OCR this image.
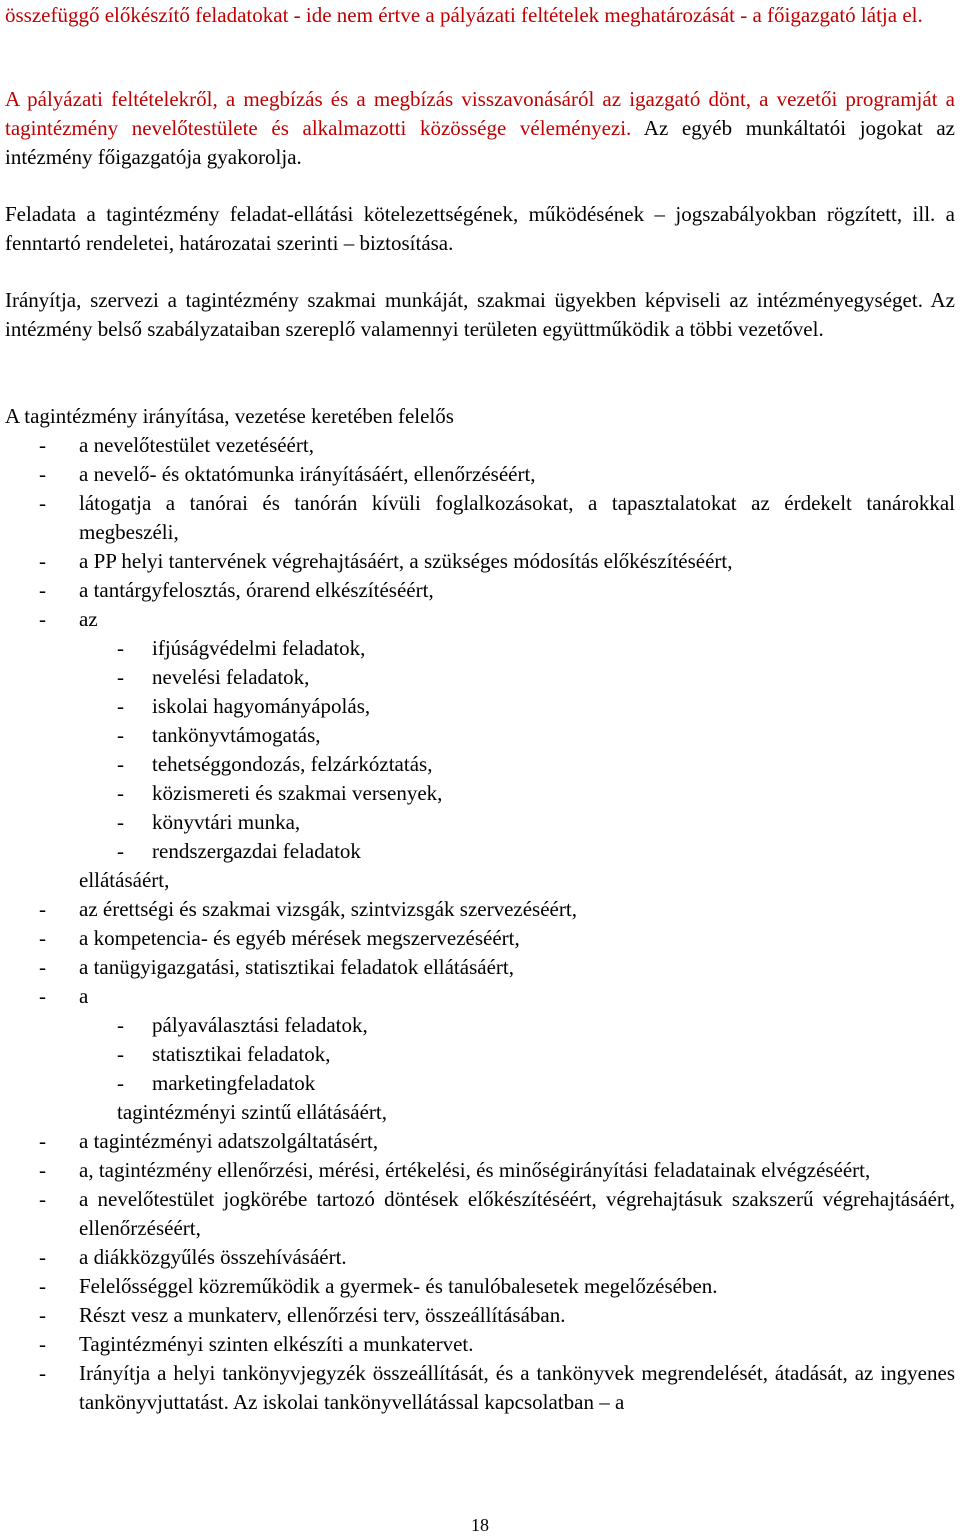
összefüggő előkészítő feladatokat - ide nem értve a pályázati feltételek meghatározását - a főigazgató látja el.

A pályázati feltételekről, a megbízás és a megbízás visszavonásáról az igazgató dönt, a vezetői programját a tagintézmény nevelőtestülete és alkalmazotti közössége véleményezi. Az egyéb munkáltatói jogokat az intézmény főigazgatója gyakorolja.

Feladata a tagintézmény feladat-ellátási kötelezettségének, működésének – jogszabályokban rögzített, ill. a fenntartó rendeletei, határozatai szerinti – biztosítása.

Irányítja, szervezi a tagintézmény szakmai munkáját, szakmai ügyekben képviseli az intézményegységet. Az intézmény belső szabályzataiban szereplő valamennyi területen együttműködik a többi vezetővel.

A tagintézmény irányítása, vezetése keretében felelős
- a nevelőtestület vezetéséért,
- a nevelő- és oktatómunka irányításáért, ellenőrzéséért,
- látogatja a tanórai és tanórán kívüli foglalkozásokat, a tapasztalatokat az érdekelt tanárokkal megbeszéli,
- a PP helyi tantervének végrehajtásáért, a szükséges módosítás előkészítéséért,
- a tantárgyfelosztás, órarend elkészítéséért,
- az
- ifjúságvédelmi feladatok,
- nevelési feladatok,
- iskolai hagyományápolás,
- tankönyvtámogatás,
- tehetséggondozás, felzárkóztatás,
- közismereti és szakmai versenyek,
- könyvtári munka,
- rendszergazdai feladatok
ellátásáért,
- az érettségi és szakmai vizsgák, szintvizsgák szervezéséért,
- a kompetencia- és egyéb mérések megszervezéséért,
- a tanügyigazgatási, statisztikai feladatok ellátásáért,
- a
- pályaválasztási feladatok,
- statisztikai feladatok,
- marketingfeladatok
tagintézményi szintű ellátásáért,
- a tagintézményi adatszolgáltatásért,
- a, tagintézmény ellenőrzési, mérési, értékelési, és minőségirányítási feladatainak elvégzéséért,
- a nevelőtestület jogkörébe tartozó döntések előkészítéséért, végrehajtásuk szakszerű végrehajtásáért, ellenőrzéséért,
- a diákközgyűlés összehívásáért.
- Felelősséggel közreműködik a gyermek- és tanulóbalesetek megelőzésében.
- Részt vesz a munkaterv, ellenőrzési terv, összeállításában.
- Tagintézményi szinten elkészíti a munkatervet.
- Irányítja a helyi tankönyvjegyzék összeállítását, és a tankönyvek megrendelését, átadását, az ingyenes tankönyvjuttatást. Az iskolai tankönyvellátással kapcsolatban – a
18
